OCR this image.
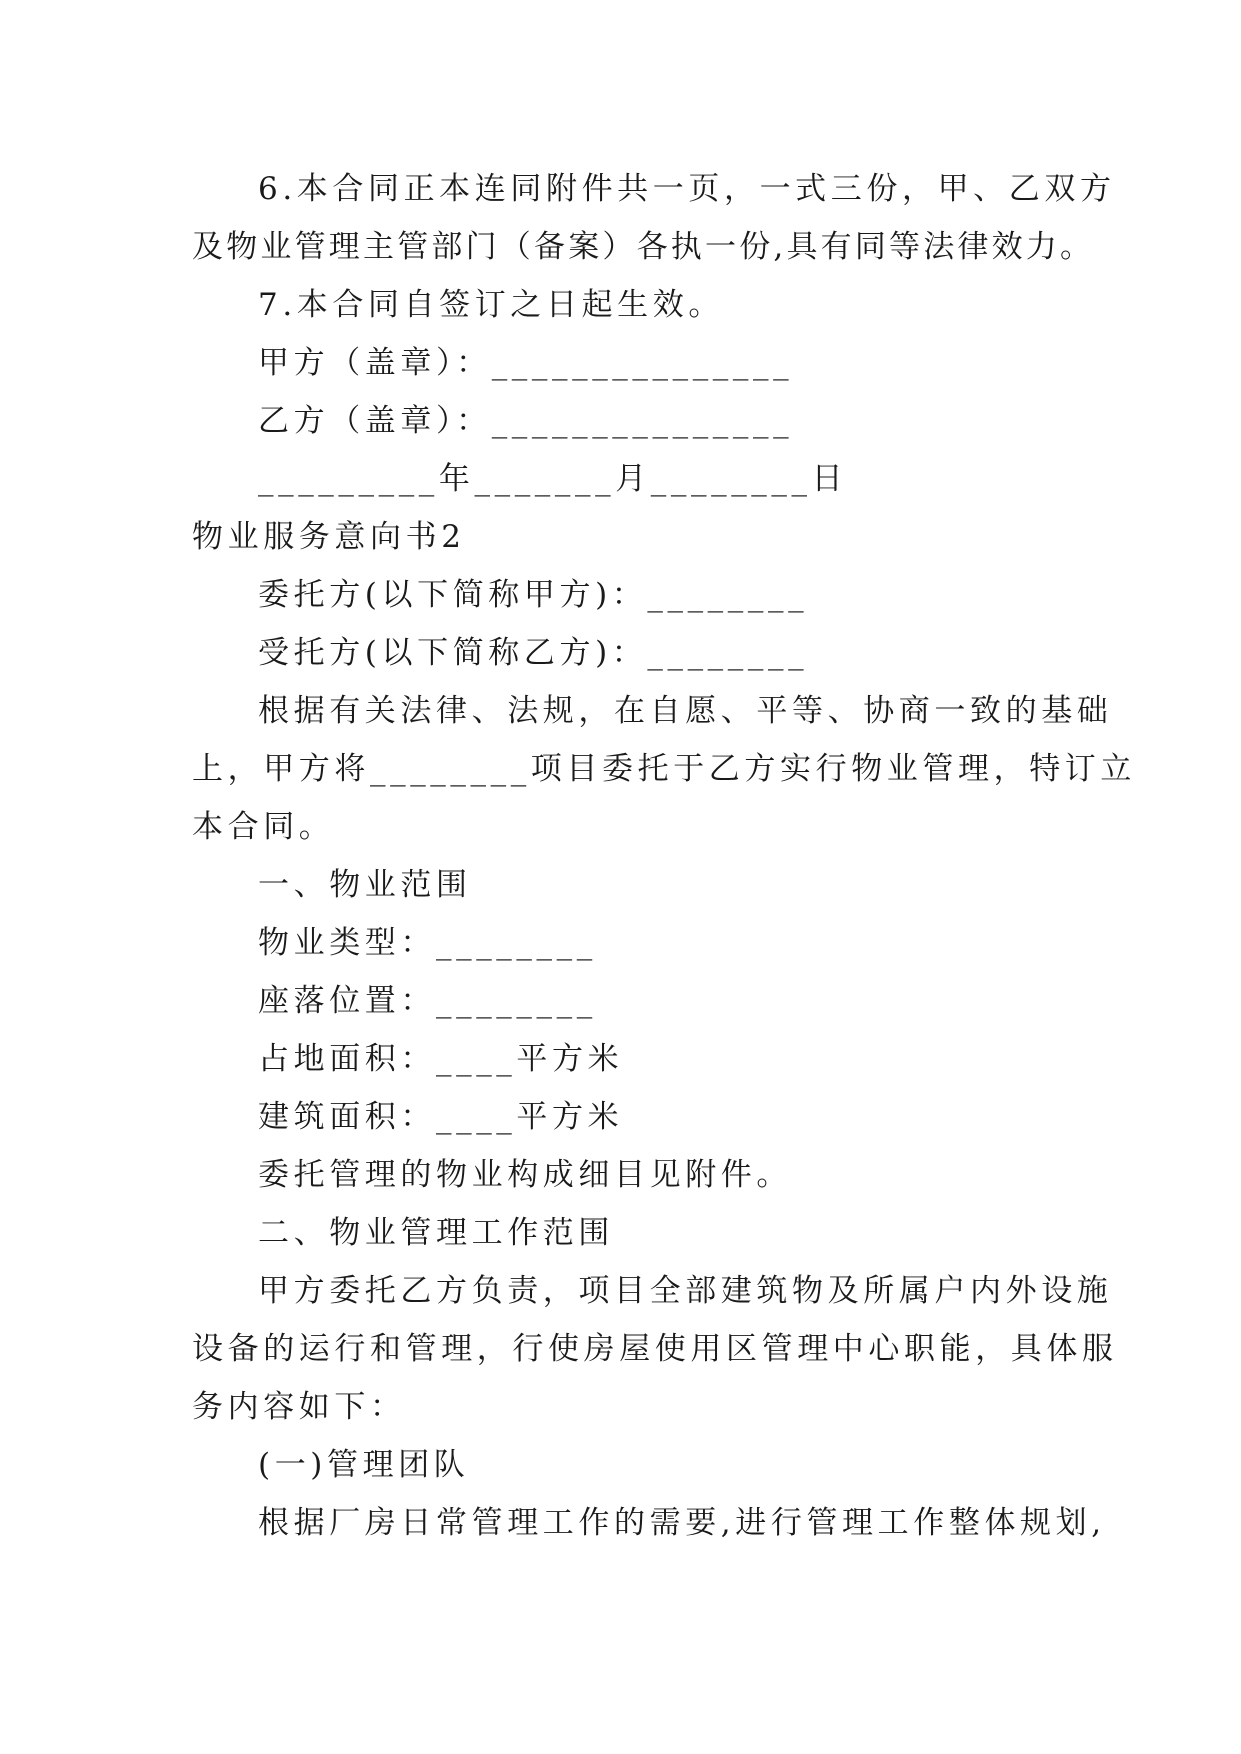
6.本合同正本连同附件共一页，一式三份，甲、乙双方
及物业管理主管部门（备案）各执一份,具有同等法律效力。
7.本合同自签订之日起生效。
甲方（盖章）：_______________
乙方（盖章）：_______________
_________年_______月________日
物业服务意向书2
委托方(以下简称甲方)：________
受托方(以下简称乙方)：________
根据有关法律、法规，在自愿、平等、协商一致的基础
上，甲方将________项目委托于乙方实行物业管理，特订立
本合同。
一、物业范围
物业类型：________
座落位置：________
占地面积：____平方米
建筑面积：____平方米
委托管理的物业构成细目见附件。
二、物业管理工作范围
甲方委托乙方负责，项目全部建筑物及所属户内外设施
设备的运行和管理，行使房屋使用区管理中心职能，具体服
务内容如下：
(一)管理团队
根据厂房日常管理工作的需要,进行管理工作整体规划,
